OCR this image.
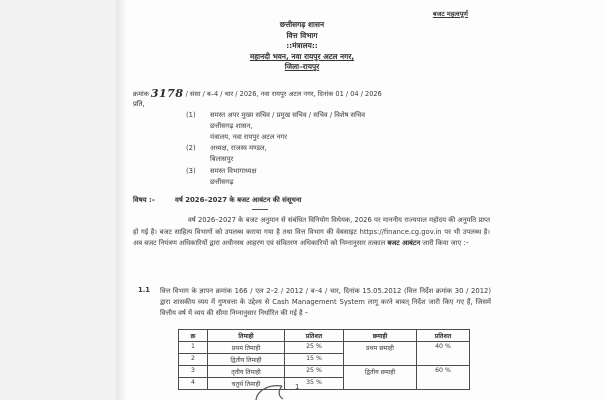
बजट महत्वपूर्ण
छत्तीसगढ़ शासन
वित्त विभाग
::मंत्रालय::
महानदी भवन, नवा रायपुर अटल नगर,
जिला–रायपुर
क्रमांक 3178 / संसा / ब–4 / चार / 2026, नवा रायपुर अटल नगर, दिनांक 01 / 04 / 2026
प्रति,
(1)	समस्त अपर मुख्य सचिव / प्रमुख सचिव / सचिव / विशेष सचिव
छत्तीसगढ़ शासन,
मंत्रालय, नवा रायपुर अटल नगर
(2)	अध्यक्ष, राजस्व मण्डल,
बिलासपुर
(3)	समस्त विभागाध्यक्ष
छत्तीसगढ़
विषय :–	वर्ष 2026–2027 के बजट आबंटन की संसूचना
वर्ष 2026–2027 के बजट अनुमान से संबंधित विनियोग विधेयक, 2026 पर माननीय राज्यपाल महोदय की अनुमति प्राप्त हो गई है। बजट साहित्य विभागों को उपलब्ध कराया गया है तथा वित्त विभाग की वेबसाइट https://finance.cg.gov.in पर भी उपलब्ध है। अब बजट नियंत्रण अधिकारियों द्वारा अधीनस्थ आहरण एवं संवितरण अधिकारियों को निम्नानुसार तत्काल बजट आबंटन जारी किया जाए :–
1.1 वित्त विभाग के ज्ञापन क्रमांक 166 / एल 2–2 / 2012 / ब–4 / चार, दिनांक 15.05.2012 (वित्त निर्देश क्रमांक 30 / 2012) द्वारा शासकीय व्यय में गुणवत्ता के उद्देश्य से Cash Management System लागू करने बाबत् निर्देश जारी किए गए हैं, जिसमें वित्तीय वर्ष में व्यय की सीमा निम्नानुसार निर्धारित की गई है –
क्र	तिमाही	प्रतिशत	छमाही	प्रतिशत
1	प्रथम तिमाही	25 %	प्रथम छमाही	40 %
2	द्वितीय तिमाही	15 %		
3	तृतीय तिमाही	25 %	द्वितीय छमाही	60 %
4	चतुर्थ तिमाही	35 %		
1
